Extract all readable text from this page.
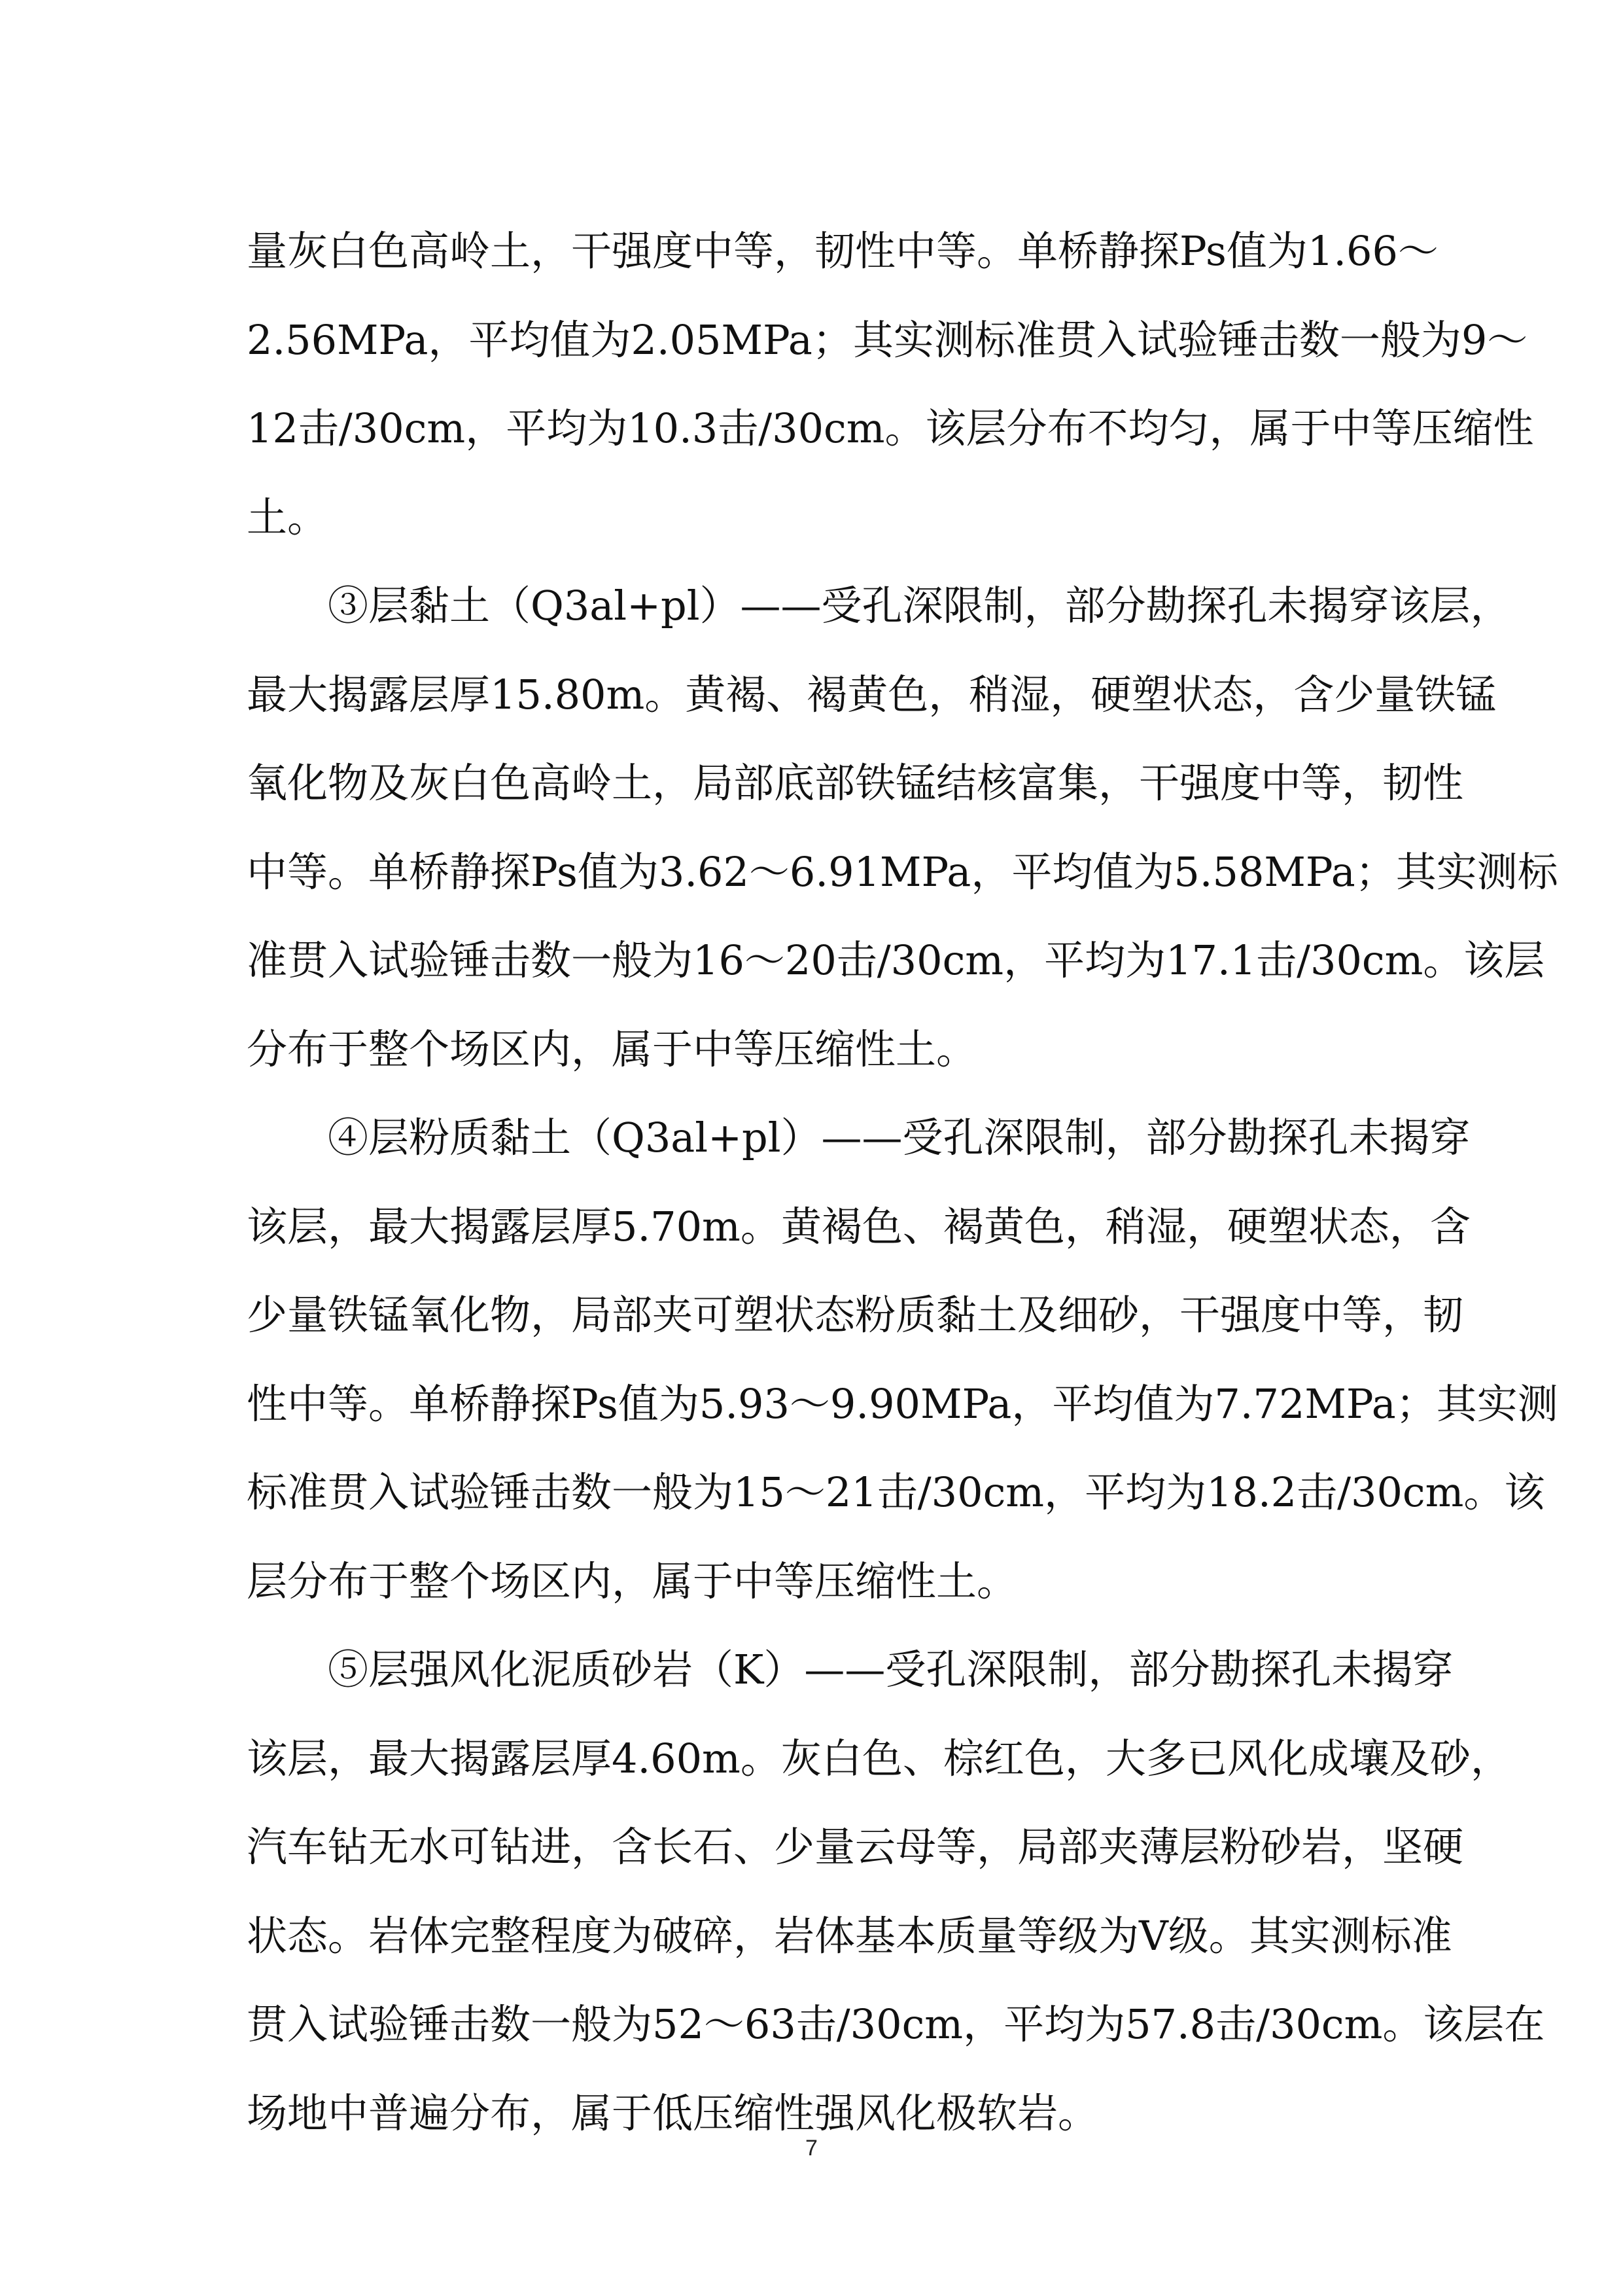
量灰白色高岭土，干强度中等，韧性中等。单桥静探Ps值为1.66～
2.56MPa，平均值为2.05MPa；其实测标准贯入试验锤击数一般为9～
12击/30cm，平均为10.3击/30cm。该层分布不均匀，属于中等压缩性
土。

③层黏土（Q3al+pl）——受孔深限制，部分勘探孔未揭穿该层，
最大揭露层厚15.80m。黄褐、褐黄色，稍湿，硬塑状态，含少量铁锰
氧化物及灰白色高岭土，局部底部铁锰结核富集，干强度中等，韧性
中等。单桥静探Ps值为3.62～6.91MPa，平均值为5.58MPa；其实测标
准贯入试验锤击数一般为16～20击/30cm，平均为17.1击/30cm。该层
分布于整个场区内，属于中等压缩性土。

④层粉质黏土（Q3al+pl）——受孔深限制，部分勘探孔未揭穿
该层，最大揭露层厚5.70m。黄褐色、褐黄色，稍湿，硬塑状态，含
少量铁锰氧化物，局部夹可塑状态粉质黏土及细砂，干强度中等，韧
性中等。单桥静探Ps值为5.93～9.90MPa，平均值为7.72MPa；其实测
标准贯入试验锤击数一般为15～21击/30cm，平均为18.2击/30cm。该
层分布于整个场区内，属于中等压缩性土。

⑤层强风化泥质砂岩（K）——受孔深限制，部分勘探孔未揭穿
该层，最大揭露层厚4.60m。灰白色、棕红色，大多已风化成壤及砂，
汽车钻无水可钻进，含长石、少量云母等，局部夹薄层粉砂岩，坚硬
状态。岩体完整程度为破碎，岩体基本质量等级为Ⅴ级。其实测标准
贯入试验锤击数一般为52～63击/30cm，平均为57.8击/30cm。该层在
场地中普遍分布，属于低压缩性强风化极软岩。

7
